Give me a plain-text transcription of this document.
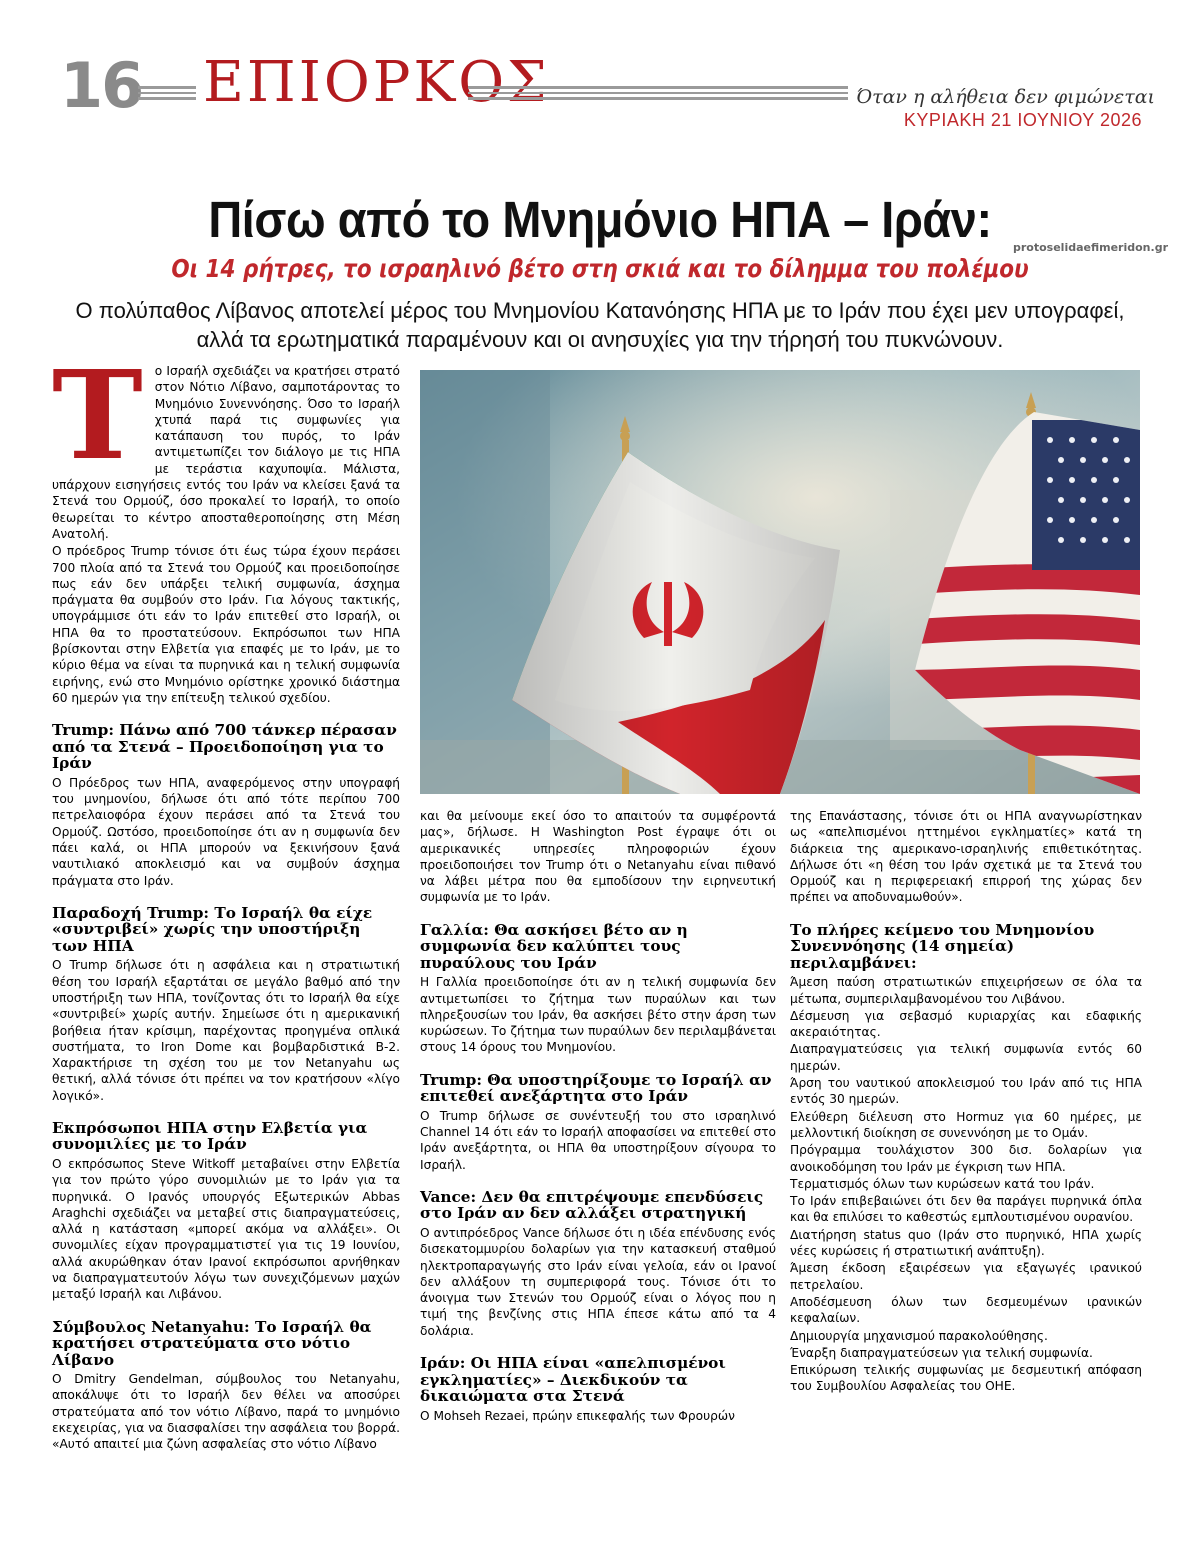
16 ΕΠΙΟΡΚΟΣ	Όταν η αλήθεια δεν φιμώνεται
ΚΥΡΙΑΚΗ 21 ΙΟΥΝΙΟΥ 2026
Πίσω από το Μνημόνιο ΗΠΑ – Ιράν:	protoselidaefimeridon.gr
Οι 14 ρήτρες, το ισραηλινό βέτο στη σκιά και το δίλημμα του πολέμου
Ο πολύπαθος Λίβανος αποτελεί μέρος του Μνημονίου Κατανόησης ΗΠΑ με το Ιράν που έχει μεν υπογραφεί, αλλά τα ερωτηματικά παραμένουν και οι ανησυχίες για την τήρησή του πυκνώνουν.
Τ ο Ισραήλ σχεδιάζει να κρατήσει στρατό στον Νότιο Λίβανο, σαμποτάροντας το Μνημόνιο Συνεννόησης. Όσο το Ισραήλ χτυπά παρά τις συμφωνίες για κατάπαυση του πυρός, το Ιράν αντιμετωπίζει τον διάλογο με τις ΗΠΑ με τεράστια καχυποψία. Μάλιστα, υπάρχουν εισηγήσεις εντός του Ιράν να κλείσει ξανά τα Στενά του Ορμούζ, όσο προκαλεί το Ισραήλ, το οποίο θεωρείται το κέντρο αποσταθεροποίησης στη Μέση Ανατολή.

Ο πρόεδρος Trump τόνισε ότι έως τώρα έχουν περάσει 700 πλοία από τα Στενά του Ορμούζ και προειδοποίησε πως εάν δεν υπάρξει τελική συμφωνία, άσχημα πράγματα θα συμβούν στο Ιράν. Για λόγους τακτικής, υπογράμμισε ότι εάν το Ιράν επιτεθεί στο Ισραήλ, οι ΗΠΑ θα το προστατεύσουν. Εκπρόσωποι των ΗΠΑ βρίσκονται στην Ελβετία για επαφές με το Ιράν, με το κύριο θέμα να είναι τα πυρηνικά και η τελική συμφωνία ειρήνης, ενώ στο Μνημόνιο ορίστηκε χρονικό διάστημα 60 ημερών για την επίτευξη τελικού σχεδίου.

Trump: Πάνω από 700 τάνκερ πέρασαν από τα Στενά – Προειδοποίηση για το Ιράν

Ο Πρόεδρος των ΗΠΑ, αναφερόμενος στην υπογραφή του μνημονίου, δήλωσε ότι από τότε περίπου 700 πετρελαιοφόρα έχουν περάσει από τα Στενά του Ορμούζ. Ωστόσο, προειδοποίησε ότι αν η συμφωνία δεν πάει καλά, οι ΗΠΑ μπορούν να ξεκινήσουν ξανά ναυτιλιακό αποκλεισμό και να συμβούν άσχημα πράγματα στο Ιράν.

Παραδοχή Trump: Το Ισραήλ θα είχε «συντριβεί» χωρίς την υποστήριξη των ΗΠΑ

Ο Trump δήλωσε ότι η ασφάλεια και η στρατιωτική θέση του Ισραήλ εξαρτάται σε μεγάλο βαθμό από την υποστήριξη των ΗΠΑ, τονίζοντας ότι το Ισραήλ θα είχε «συντριβεί» χωρίς αυτήν. Σημείωσε ότι η αμερικανική βοήθεια ήταν κρίσιμη, παρέχοντας προηγμένα οπλικά συστήματα, το Iron Dome και βομβαρδιστικά Β-2. Χαρακτήρισε τη σχέση του με τον Netanyahu ως θετική, αλλά τόνισε ότι πρέπει να τον κρατήσουν «λίγο λογικό».

Εκπρόσωποι ΗΠΑ στην Ελβετία για συνομιλίες με το Ιράν

Ο εκπρόσωπος Steve Witkoff μεταβαίνει στην Ελβετία για τον πρώτο γύρο συνομιλιών με το Ιράν για τα πυρηνικά. Ο Ιρανός υπουργός Εξωτερικών Abbas Araghchi σχεδιάζει να μεταβεί στις διαπραγματεύσεις, αλλά η κατάσταση «μπορεί ακόμα να αλλάξει». Οι συνομιλίες είχαν προγραμματιστεί για τις 19 Ιουνίου, αλλά ακυρώθηκαν όταν Ιρανοί εκπρόσωποι αρνήθηκαν να διαπραγματευτούν λόγω των συνεχιζόμενων μαχών μεταξύ Ισραήλ και Λιβάνου.

Σύμβουλος Netanyahu: Το Ισραήλ θα κρατήσει στρατεύματα στο νότιο Λίβανο

Ο Dmitry Gendelman, σύμβουλος του Netanyahu, αποκάλυψε ότι το Ισραήλ δεν θέλει να αποσύρει στρατεύματα από τον νότιο Λίβανο, παρά το μνημόνιο εκεχειρίας, για να διασφαλίσει την ασφάλεια του βορρά. «Αυτό απαιτεί μια ζώνη ασφαλείας στο νότιο Λίβανο

και θα μείνουμε εκεί όσο το απαιτούν τα συμφέροντά μας», δήλωσε. Η Washington Post έγραψε ότι οι αμερικανικές υπηρεσίες πληροφοριών έχουν προειδοποιήσει τον Trump ότι ο Netanyahu είναι πιθανό να λάβει μέτρα που θα εμποδίσουν την ειρηνευτική συμφωνία με το Ιράν.

Γαλλία: Θα ασκήσει βέτο αν η συμφωνία δεν καλύπτει τους πυραύλους του Ιράν

Η Γαλλία προειδοποίησε ότι αν η τελική συμφωνία δεν αντιμετωπίσει το ζήτημα των πυραύλων και των πληρεξουσίων του Ιράν, θα ασκήσει βέτο στην άρση των κυρώσεων. Το ζήτημα των πυραύλων δεν περιλαμβάνεται στους 14 όρους του Μνημονίου.

Trump: Θα υποστηρίξουμε το Ισραήλ αν επιτεθεί ανεξάρτητα στο Ιράν

Ο Trump δήλωσε σε συνέντευξή του στο ισραηλινό Channel 14 ότι εάν το Ισραήλ αποφασίσει να επιτεθεί στο Ιράν ανεξάρτητα, οι ΗΠΑ θα υποστηρίξουν σίγουρα το Ισραήλ.

Vance: Δεν θα επιτρέψουμε επενδύσεις στο Ιράν αν δεν αλλάξει στρατηγική

Ο αντιπρόεδρος Vance δήλωσε ότι η ιδέα επένδυσης ενός δισεκατομμυρίου δολαρίων για την κατασκευή σταθμού ηλεκτροπαραγωγής στο Ιράν είναι γελοία, εάν οι Ιρανοί δεν αλλάξουν τη συμπεριφορά τους. Τόνισε ότι το άνοιγμα των Στενών του Ορμούζ είναι ο λόγος που η τιμή της βενζίνης στις ΗΠΑ έπεσε κάτω από τα 4 δολάρια.

Ιράν: Οι ΗΠΑ είναι «απελπισμένοι εγκληματίες» – Διεκδικούν τα δικαιώματα στα Στενά

Ο Mohseh Rezaei, πρώην επικεφαλής των Φρουρών

της Επανάστασης, τόνισε ότι οι ΗΠΑ αναγνωρίστηκαν ως «απελπισμένοι ηττημένοι εγκληματίες» κατά τη διάρκεια της αμερικανο-ισραηλινής επιθετικότητας. Δήλωσε ότι «η θέση του Ιράν σχετικά με τα Στενά του Ορμούζ και η περιφερειακή επιρροή της χώρας δεν πρέπει να αποδυναμωθούν».

Το πλήρες κείμενο του Μνημονίου Συνεννόησης (14 σημεία) περιλαμβάνει:

Άμεση παύση στρατιωτικών επιχειρήσεων σε όλα τα μέτωπα, συμπεριλαμβανομένου του Λιβάνου.

Δέσμευση για σεβασμό κυριαρχίας και εδαφικής ακεραιότητας.

Διαπραγματεύσεις για τελική συμφωνία εντός 60 ημερών.

Άρση του ναυτικού αποκλεισμού του Ιράν από τις ΗΠΑ εντός 30 ημερών.

Ελεύθερη διέλευση στο Hormuz για 60 ημέρες, με μελλοντική διοίκηση σε συνεννόηση με το Ομάν.

Πρόγραμμα τουλάχιστον 300 δισ. δολαρίων για ανοικοδόμηση του Ιράν με έγκριση των ΗΠΑ.

Τερματισμός όλων των κυρώσεων κατά του Ιράν.

Το Ιράν επιβεβαιώνει ότι δεν θα παράγει πυρηνικά όπλα και θα επιλύσει το καθεστώς εμπλουτισμένου ουρανίου.

Διατήρηση status quo (Ιράν στο πυρηνικό, ΗΠΑ χωρίς νέες κυρώσεις ή στρατιωτική ανάπτυξη).

Άμεση έκδοση εξαιρέσεων για εξαγωγές ιρανικού πετρελαίου.

Αποδέσμευση όλων των δεσμευμένων ιρανικών κεφαλαίων.

Δημιουργία μηχανισμού παρακολούθησης.

Έναρξη διαπραγματεύσεων για τελική συμφωνία.

Επικύρωση τελικής συμφωνίας με δεσμευτική απόφαση του Συμβουλίου Ασφαλείας του ΟΗΕ.
